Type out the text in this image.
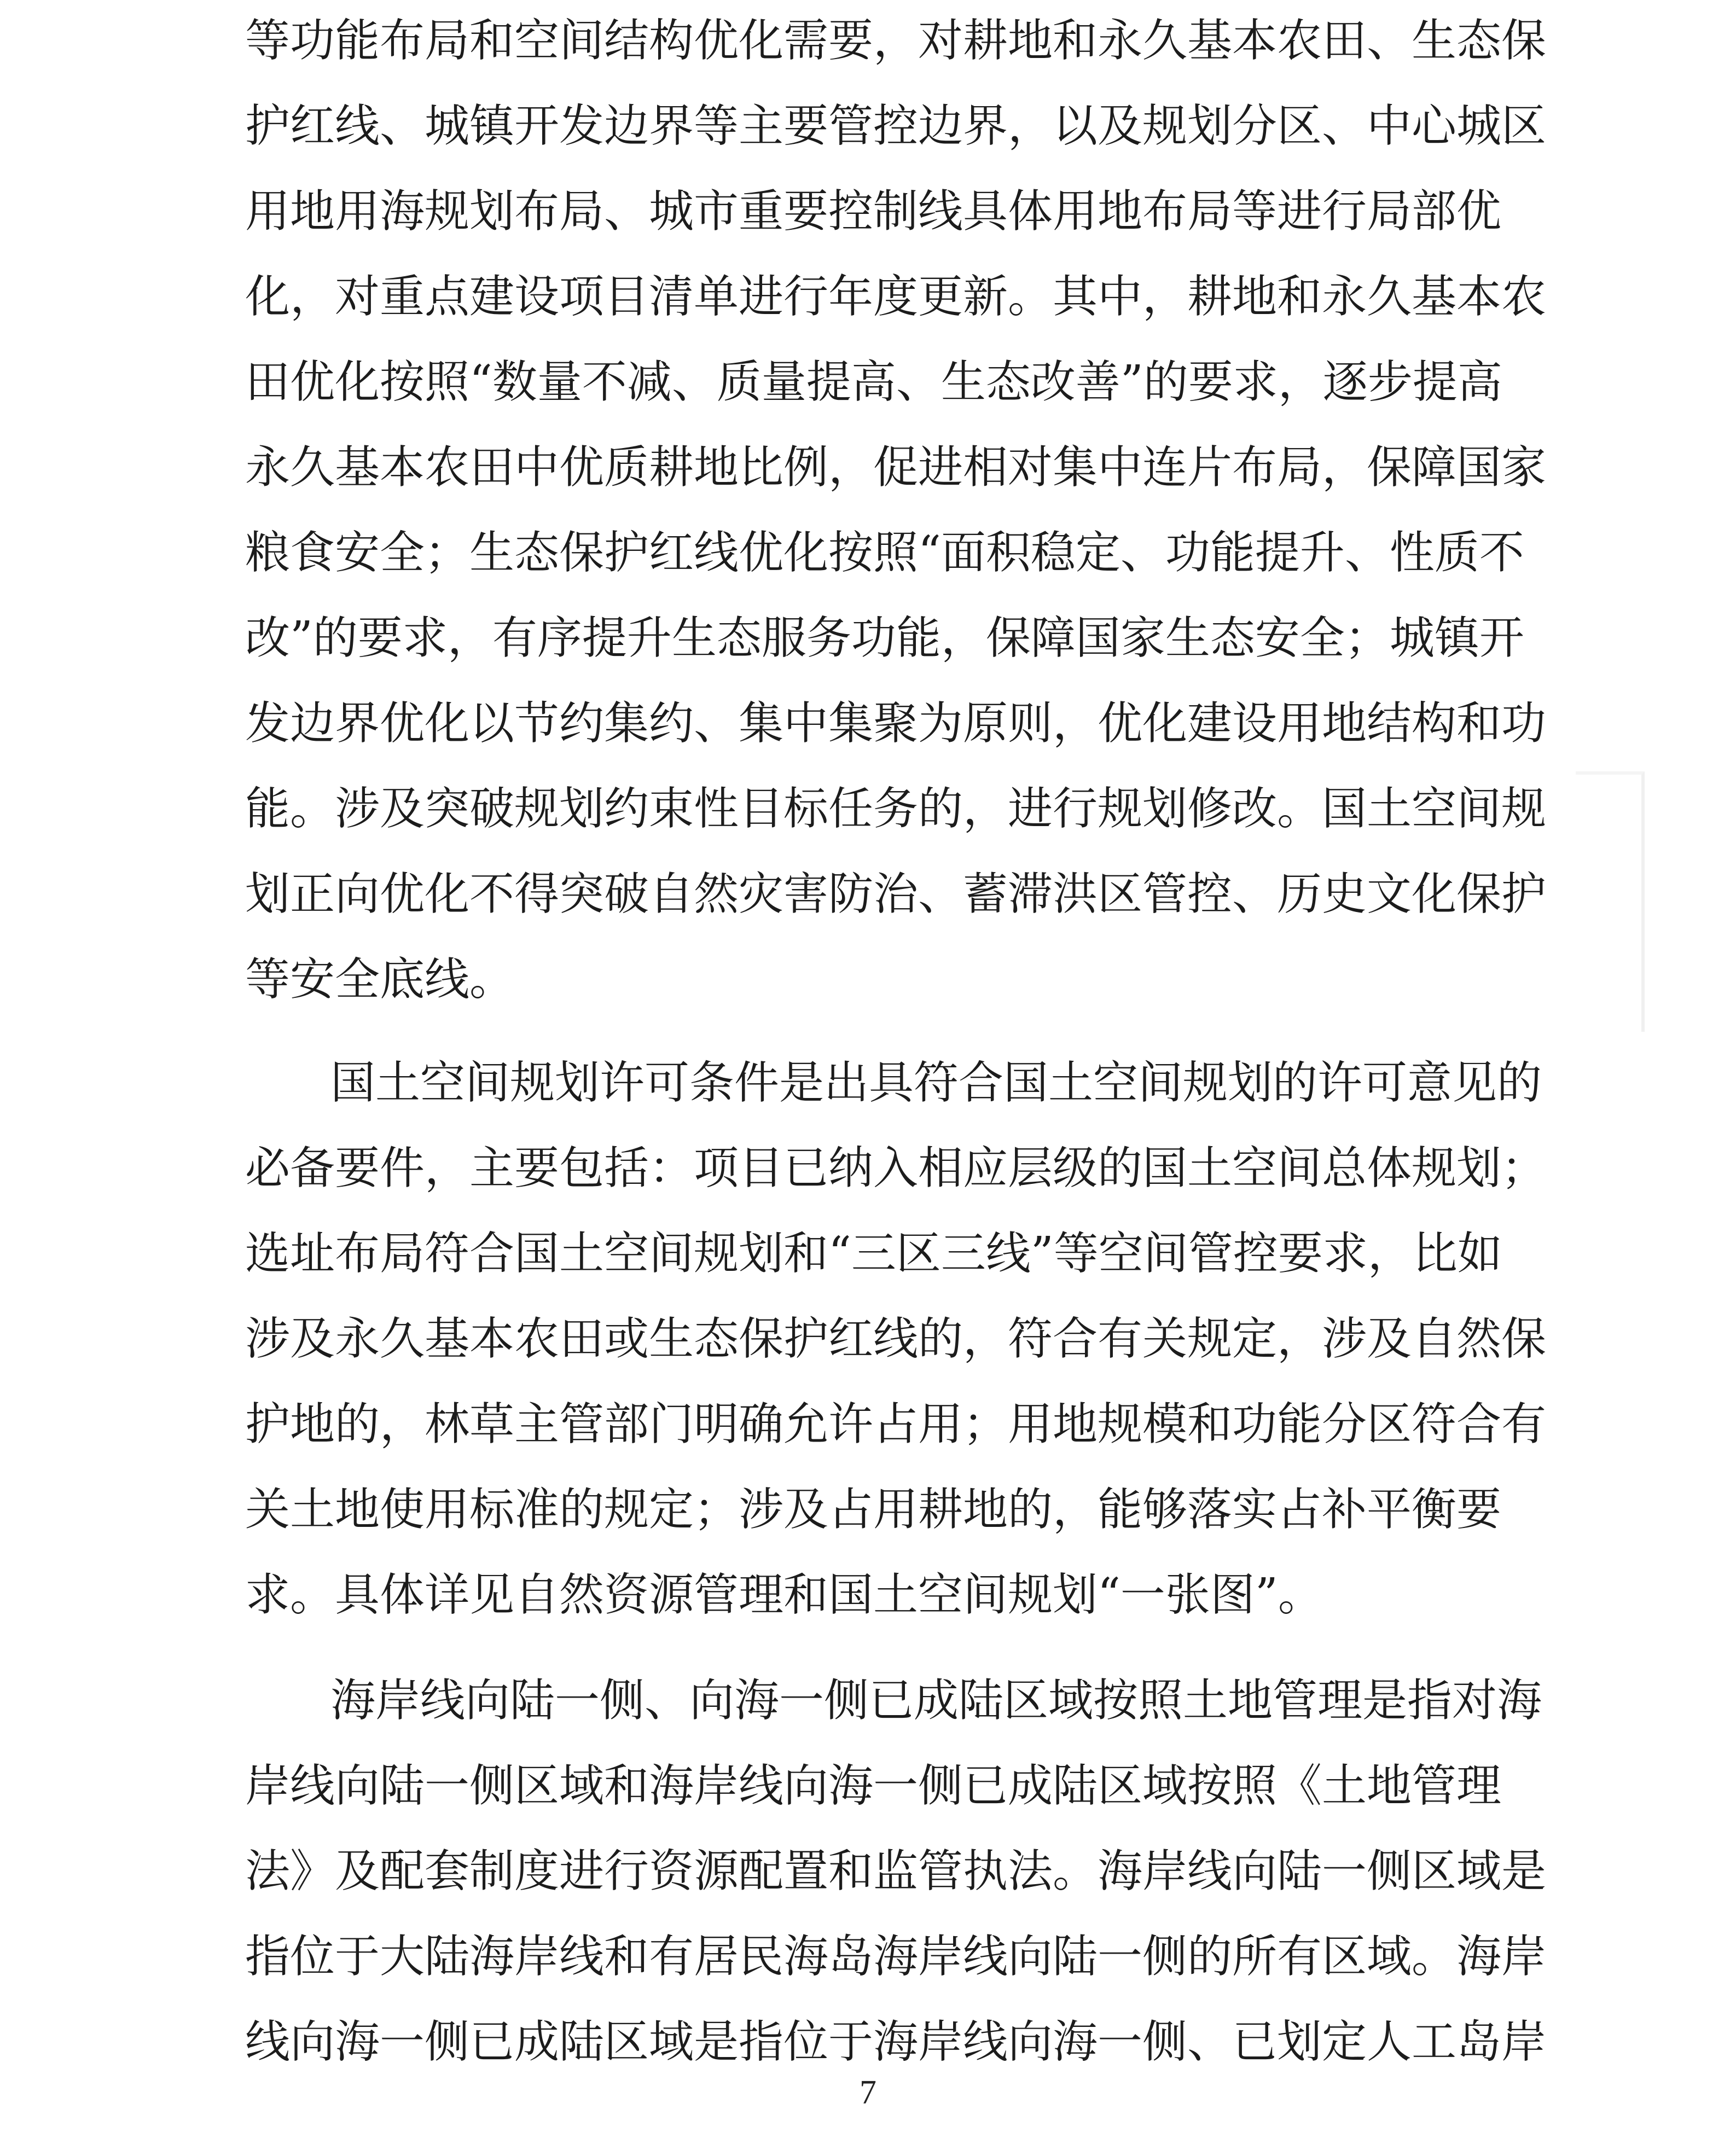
等功能布局和空间结构优化需要，对耕地和永久基本农田、生态保
护红线、城镇开发边界等主要管控边界，以及规划分区、中心城区
用地用海规划布局、城市重要控制线具体用地布局等进行局部优
化，对重点建设项目清单进行年度更新。其中，耕地和永久基本农
田优化按照“数量不减、质量提高、生态改善”的要求，逐步提高
永久基本农田中优质耕地比例，促进相对集中连片布局，保障国家
粮食安全；生态保护红线优化按照“面积稳定、功能提升、性质不
改”的要求，有序提升生态服务功能，保障国家生态安全；城镇开
发边界优化以节约集约、集中集聚为原则，优化建设用地结构和功
能。涉及突破规划约束性目标任务的，进行规划修改。国土空间规
划正向优化不得突破自然灾害防治、蓄滞洪区管控、历史文化保护
等安全底线。
国土空间规划许可条件是出具符合国土空间规划的许可意见的
必备要件，主要包括：项目已纳入相应层级的国土空间总体规划；
选址布局符合国土空间规划和“三区三线”等空间管控要求，比如
涉及永久基本农田或生态保护红线的，符合有关规定，涉及自然保
护地的，林草主管部门明确允许占用；用地规模和功能分区符合有
关土地使用标准的规定；涉及占用耕地的，能够落实占补平衡要
求。具体详见自然资源管理和国土空间规划“一张图”。
海岸线向陆一侧、向海一侧已成陆区域按照土地管理是指对海
岸线向陆一侧区域和海岸线向海一侧已成陆区域按照《土地管理
法》及配套制度进行资源配置和监管执法。海岸线向陆一侧区域是
指位于大陆海岸线和有居民海岛海岸线向陆一侧的所有区域。海岸
线向海一侧已成陆区域是指位于海岸线向海一侧、已划定人工岛岸
7
